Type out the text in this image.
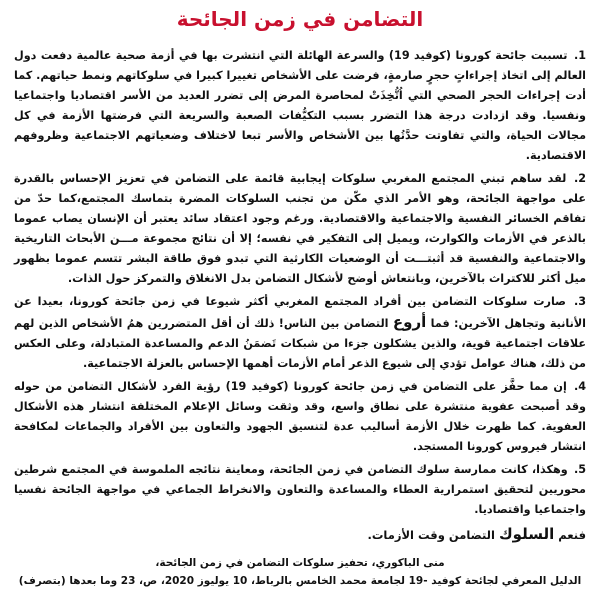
التضامن في زمن الجائحة

1. تسببت جائحة كورونا (كوفيد 19) والسرعة الهائلة التي انتشرت بها في أزمة صحية عالمية دفعت دول العالم إلى اتخاذ إجراءاتٍ حجرٍ صارمةٍ، فرضت على الأشخاص تغييرا كبيرا في سلوكاتهم ونمط حياتهم. كما أدت إجراءات الحجر الصحي التي اُتُّخِذَتْ لمحاصرة المرض إلى تضرر العديد من الأسر اقتصاديا واجتماعيا ونفسيا. وقد ازدادت درجة هذا التضرر بسبب التكيُّفات الصعبة والسريعة التي فرضتها الأزمة في كل مجالات الحياة، والتي تفاوتت حدَّتُها بين الأشخاص والأسر تبعا لاختلاف وضعياتهم الاجتماعية وظروفهم الاقتصادية.

2. لقد ساهم تبني المجتمع المغربي سلوكات إيجابية قائمة على التضامن في تعزيز الإحساس بالقدرة على مواجهة الجائحة، وهو الأمر الذي مكّن من تجنب السلوكات المضرة بتماسك المجتمع،كما حدّ من تفاقم الخسائر النفسية والاجتماعية والاقتصادية. ورغم وجود اعتقاد سائد يعتبر أن الإنسان يصاب عموما بالذعر في الأزمات والكوارث، ويميل إلى التفكير في نفسه؛ إلا أن نتائج مجموعة مـــن الأبحاث التاريخية والاجتماعية والنفسية قد أثبتـــت أن الوضعيات الكارثية التي تبدو فوق طاقة البشر تتسم عموما بظهور ميل أكثر للاكتراث بالآخرين، وبانتعاش أوضح لأشكال التضامن بدل الانغلاق والتمركز حول الذات.

3. صارت سلوكات التضامن بين أفراد المجتمع المغربي أكثر شيوعا في زمن جائحة كورونا، بعيدا عن الأنانية وتجاهل الآخرين: فما أروع التضامن بين الناس! ذلك أن أقل المتضررين همُ الأشخاص الذين لهم علاقات اجتماعية قوية، والذين يشكلون جزءا من شبكات تَضمَنُ الدعم والمساعدة المتبادلة، وعلى العكس من ذلك، هناك عوامل تؤدي إلى شيوع الذعر أمام الأزمات أهمها الإحساس بالعزلة الاجتماعية.

4. إن مما حفَّز على التضامن في زمن جائحة كورونا (كوفيد 19) رؤية الفرد لأشكال التضامن من حوله وقد أصبحت عفوية منتشرة على نطاق واسع، وقد وثقت وسائل الإعلام المختلفة انتشار هذه الأشكال العفوية. كما ظهرت خلال الأزمة أساليب عدة لتنسيق الجهود والتعاون بين الأفراد والجماعات لمكافحة انتشار فيروس كورونا المستجد.

5. وهكذا، كانت ممارسة سلوك التضامن في زمن الجائحة، ومعاينة نتائجه الملموسة في المجتمع شرطين محوريين لتحقيق استمرارية العطاء والمساعدة والتعاون والانخراط الجماعي في مواجهة الجائحة نفسيا واجتماعيا واقتصاديا.

فنعم السلوك التضامن وقت الأزمات.

منى الباكوري، تحفيز سلوكات التضامن في زمن الجائحة،

الدليل المعرفي لجائحة كوفيد -19 لجامعة محمد الخامس بالرباط، 10 يوليوز 2020، ص، 23 وما بعدها (بتصرف)
